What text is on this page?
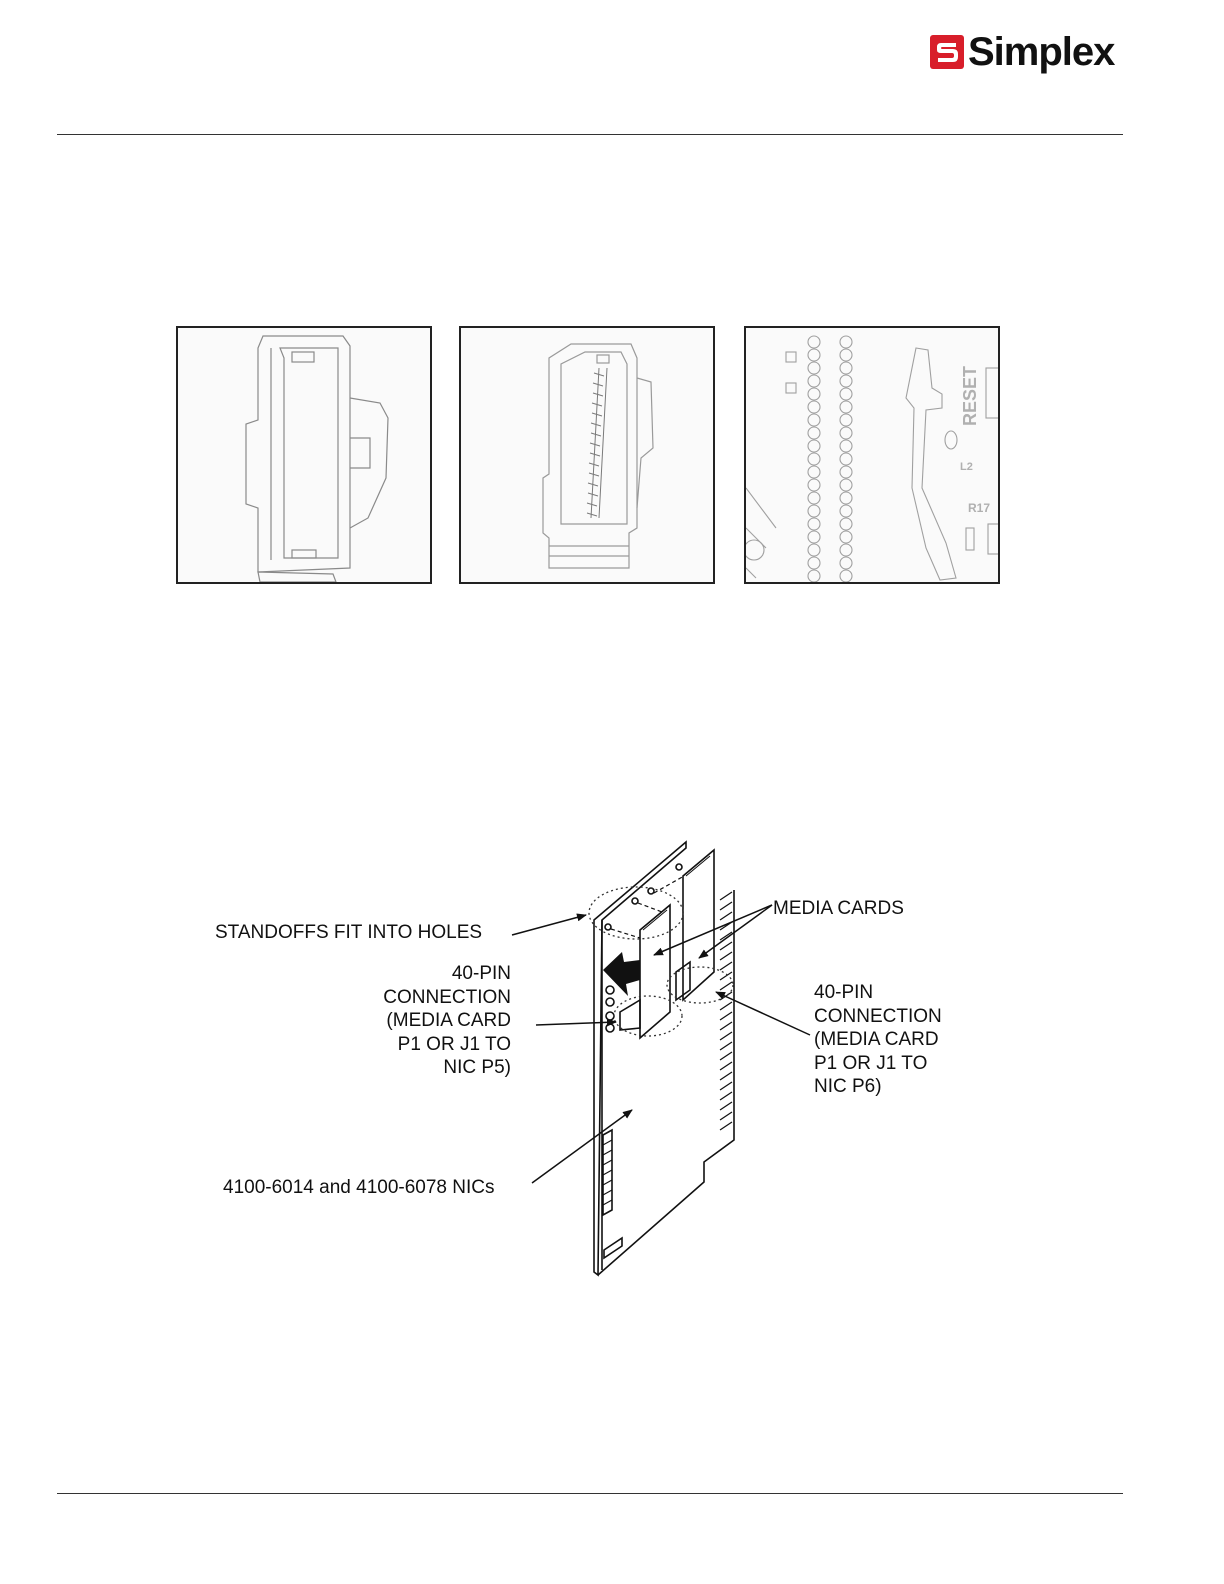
Simplex
RESET
L2
R17
STANDOFFS FIT INTO HOLES
MEDIA CARDS
40-PIN
CONNECTION
(MEDIA CARD
P1 OR J1 TO
NIC P5)
40-PIN
CONNECTION
(MEDIA CARD
P1 OR J1 TO
NIC P6)
4100-6014 and 4100-6078 NICs
